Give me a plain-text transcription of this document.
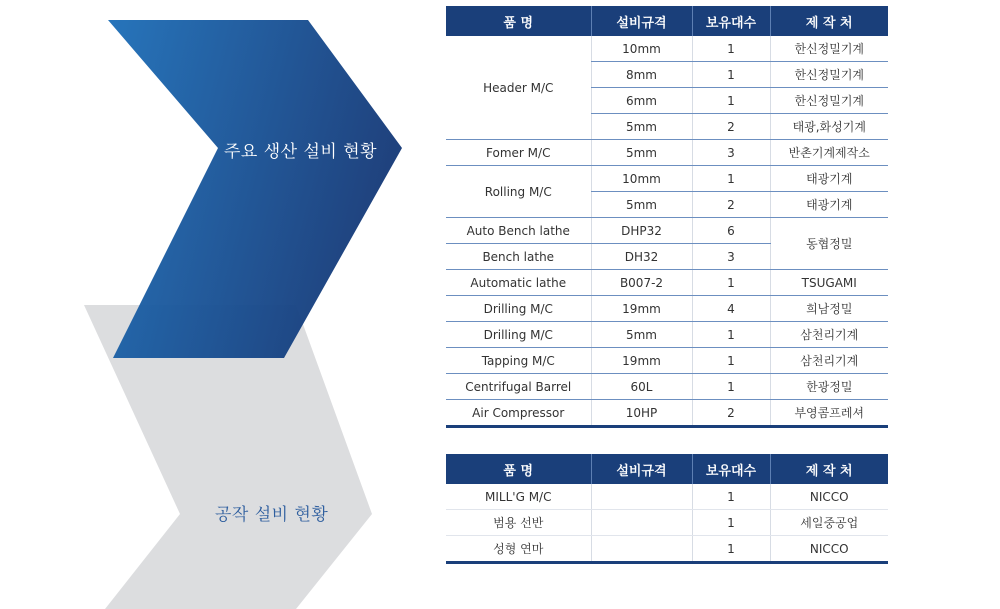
주요 생산 설비 현황
공작 설비 현황
품 명	설비규격	보유대수	제 작 처
Header M/C	10mm	1	한신정밀기계
	8mm	1	한신정밀기계
	6mm	1	한신정밀기계
	5mm	2	태광,화성기계
Fomer M/C	5mm	3	반촌기계제작소
Rolling M/C	10mm	1	태광기계
	5mm	2	태광기계
Auto Bench lathe	DHP32	6	동협정밀
Bench lathe	DH32	3	
Automatic lathe	B007-2	1	TSUGAMI
Drilling M/C	19mm	4	희남정밀
Drilling M/C	5mm	1	삼천리기계
Tapping M/C	19mm	1	삼천리기계
Centrifugal Barrel	60L	1	한광정밀
Air Compressor	10HP	2	부영콤프레셔
품 명	설비규격	보유대수	제 작 처
MILL'G M/C		1	NICCO
범용 선반		1	세일중공업
성형 연마		1	NICCO
